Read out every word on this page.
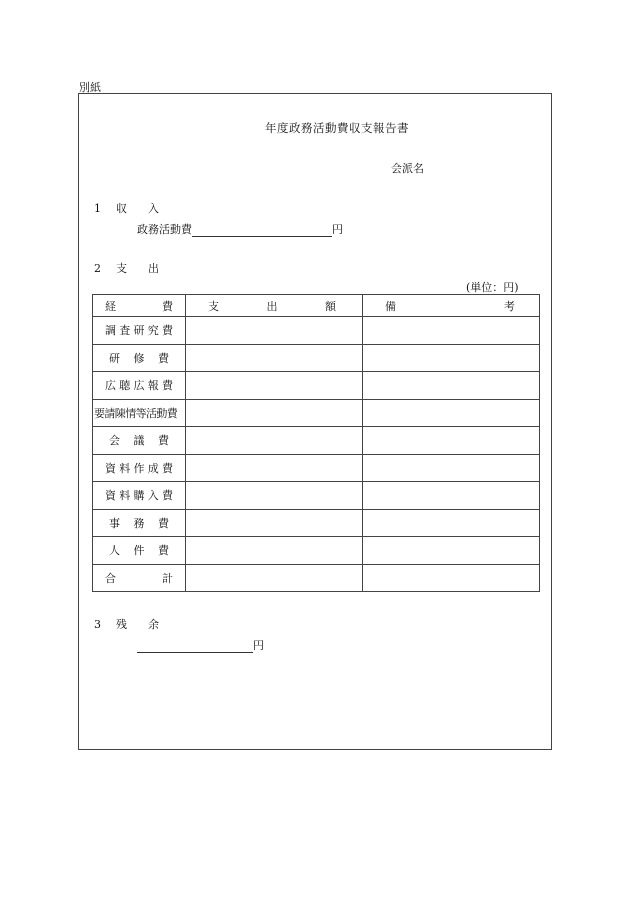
別紙
年度政務活動費収支報告書
会派名
1 収 入
政務活動費	円
2 支 出
(単位：円)
経 費	支 出 額	備 考

調査研究費		

研修費		

広聴広報費		

要請陳情等活動費		

会議費		

資料作成費		

資料購入費		

事務費		

人件費		

合計		

3 残 余
円
